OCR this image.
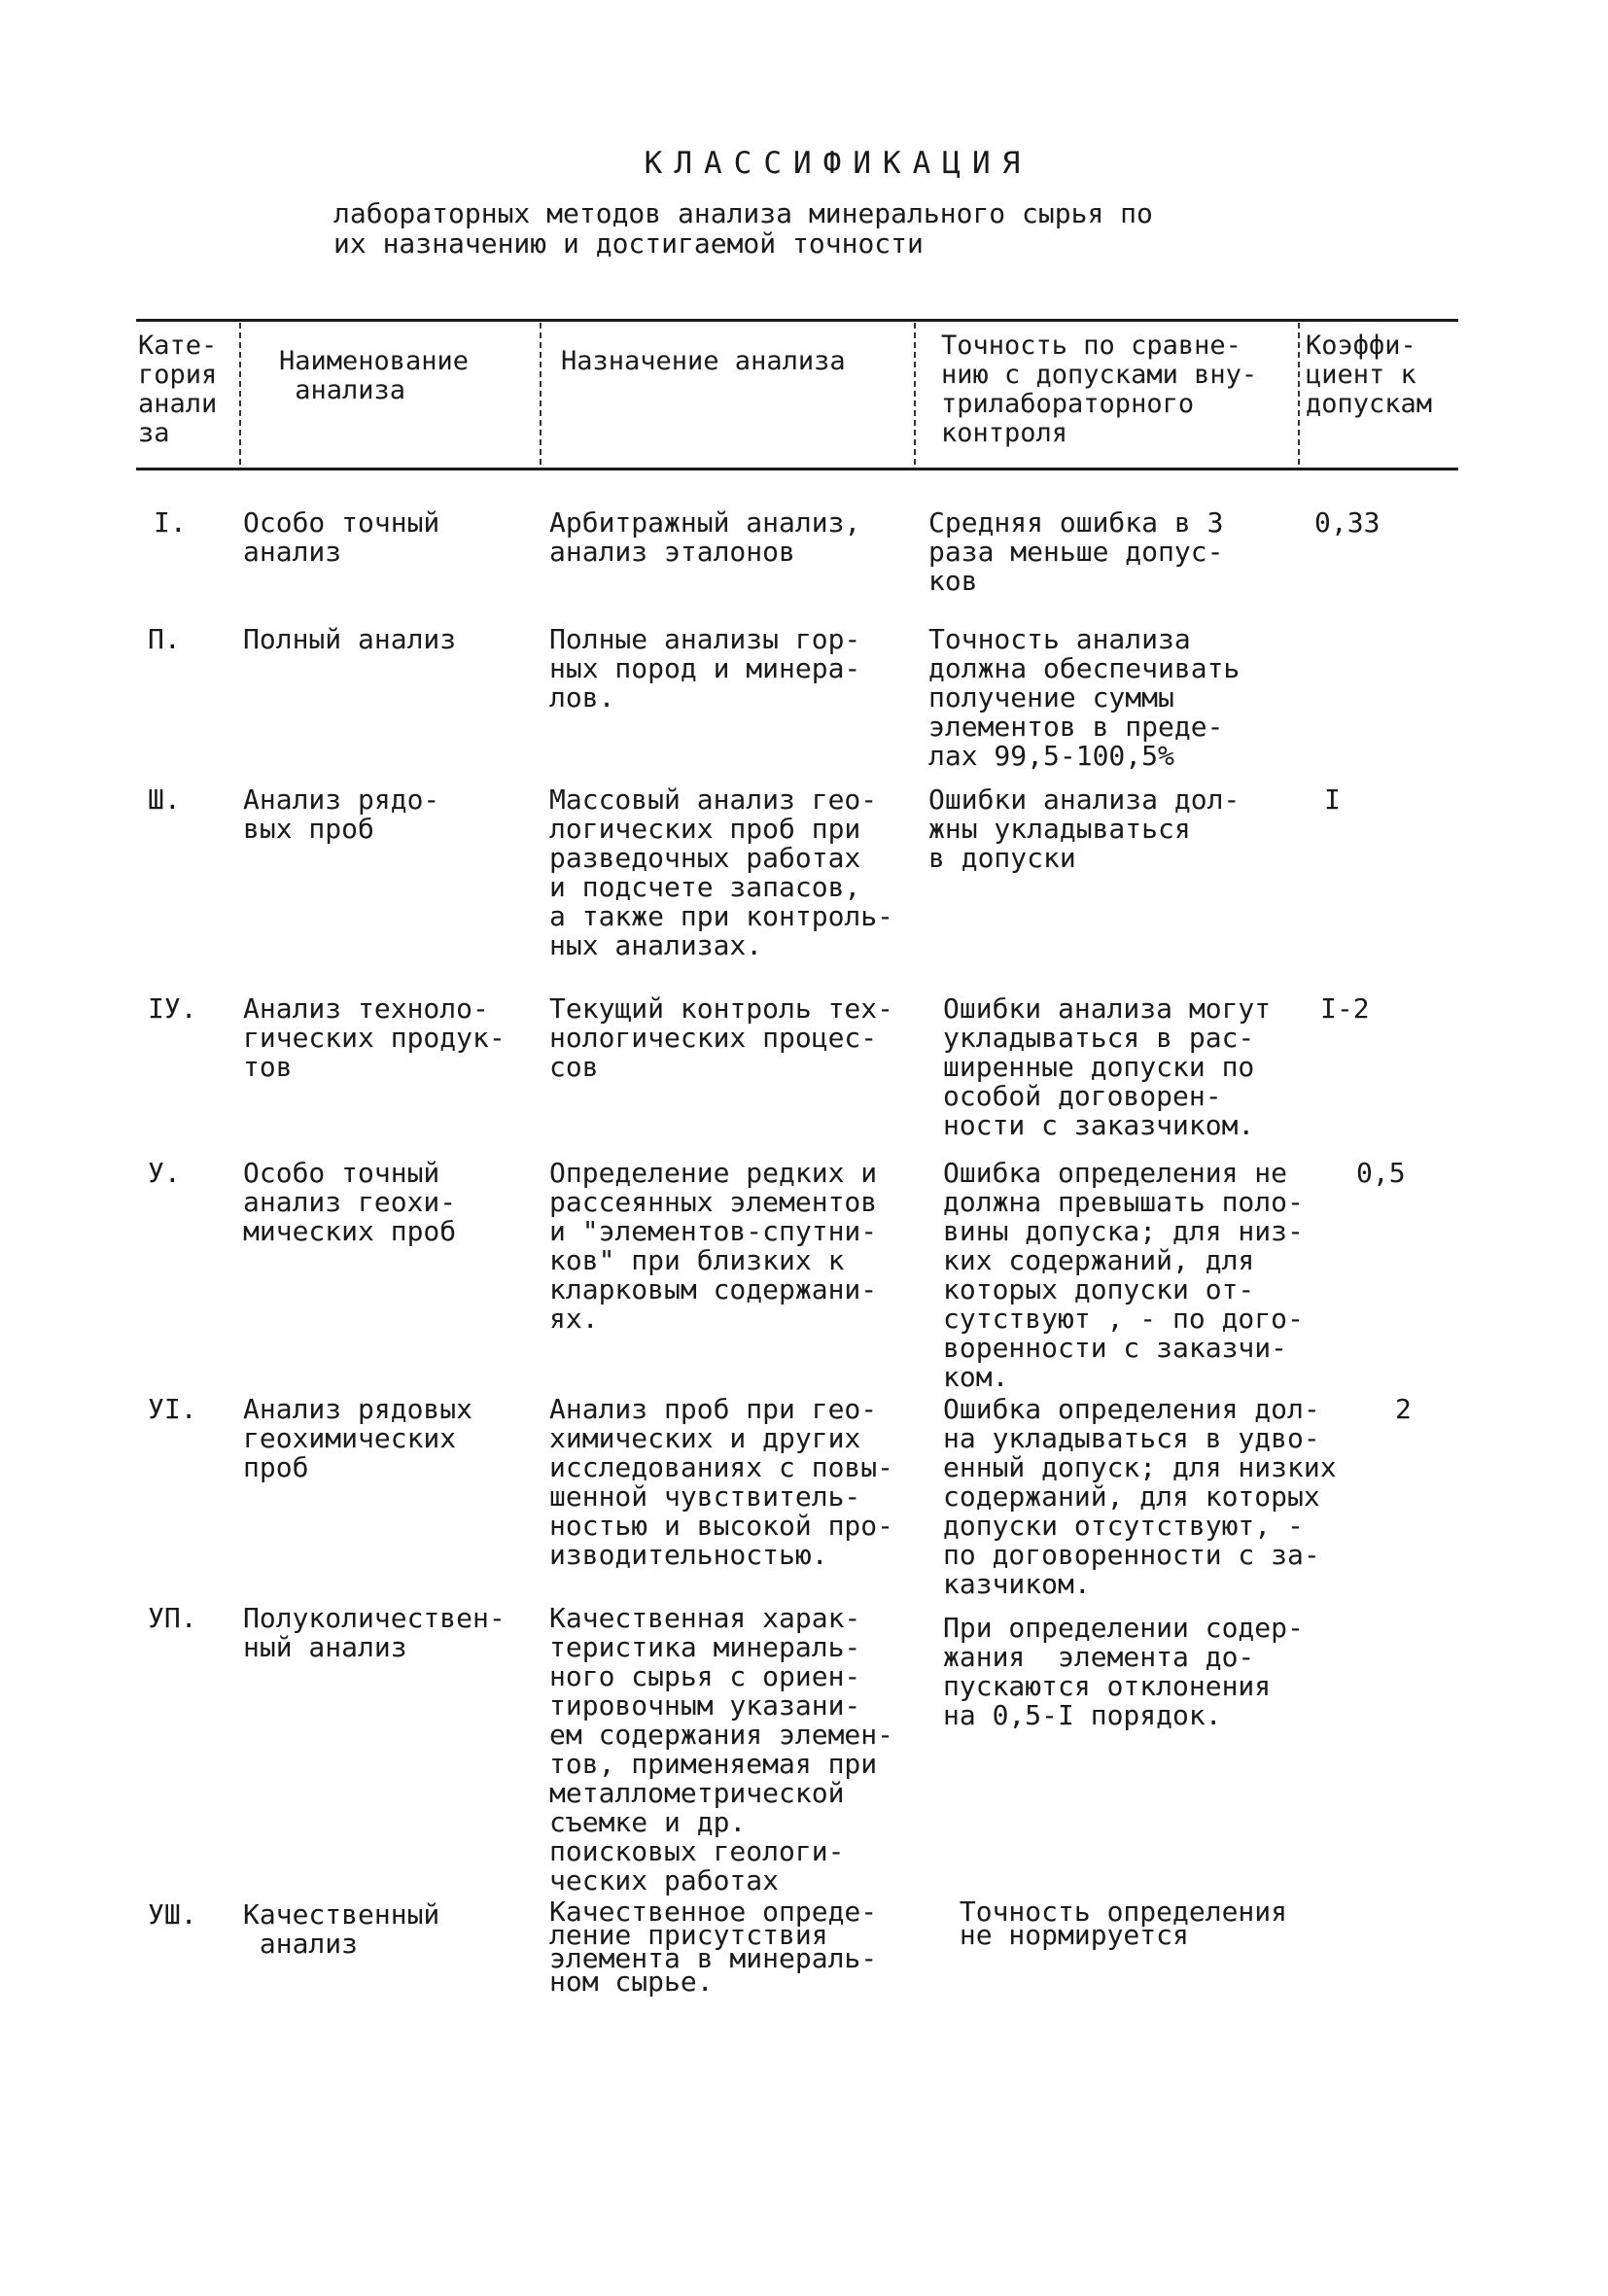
КЛАССИФИКАЦИЯ
лабораторных методов анализа минерального сырья по
их назначению и достигаемой точности
Кате-
гория
анали
за
Наименование
анализа
Назначение анализа
Точность по сравне-
нию с допусками вну-
трилабораторного
контроля
Коэффи-
циент к
допускам
I. Особо точный
анализ
Арбитражный анализ,
анализ эталонов
Средняя ошибка в 3
раза меньше допус-
ков
0,33
П. Полный анализ	Полные анализы гор-
ных пород и минера-
лов.
Точность анализа
должна обеспечивать
получение суммы
элементов в преде-
лах 99,5-100,5%
Ш. Анализ рядо-
вых проб
Массовый анализ гео-
логических проб при
разведочных работах
и подсчете запасов,
а также при контроль-
ных анализах.
Ошибки анализа дол-
жны укладываться
в допуски
I
IУ. Анализ техноло-
гических продук-
тов
Текущий контроль тех-
нологических процес-
сов
Ошибки анализа могут
укладываться в рас-
ширенные допуски по
особой договорен-
ности с заказчиком.
I-2
У. Особо точный
анализ геохи-
мических проб
Определение редких и
рассеянных элементов
и "элементов-спутни-
ков" при близких к
кларковым содержани-
ях.
Ошибка определения не
должна превышать поло-
вины допуска; для низ-
ких содержаний, для
которых допуски от-
сутствуют , - по дого-
воренности с заказчи-
ком.
0,5
УI. Анализ рядовых
геохимических
проб
Анализ проб при гео-
химических и других
исследованиях с повы-
шенной чувствитель-
ностью и высокой про-
изводительностью.
Ошибка определения дол-
на укладываться в удво-
енный допуск; для низких
содержаний, для которых
допуски отсутствуют, -
по договоренности с за-
казчиком.
2
УП. Полуколичествен-
ный анализ
Качественная харак-
теристика минераль-
ного сырья с ориен-
тировочным указани-
ем содержания элемен-
тов, применяемая при
металлометрической
съемке и др.
поисковых геологи-
ческих работах
При определении содер-
жания  элемента до-
пускаются отклонения
на 0,5-I порядок.
УШ. Качественный
анализ
Качественное опреде-
ление присутствия
элемента в минераль-
ном сырье.
Точность определения
не нормируется
